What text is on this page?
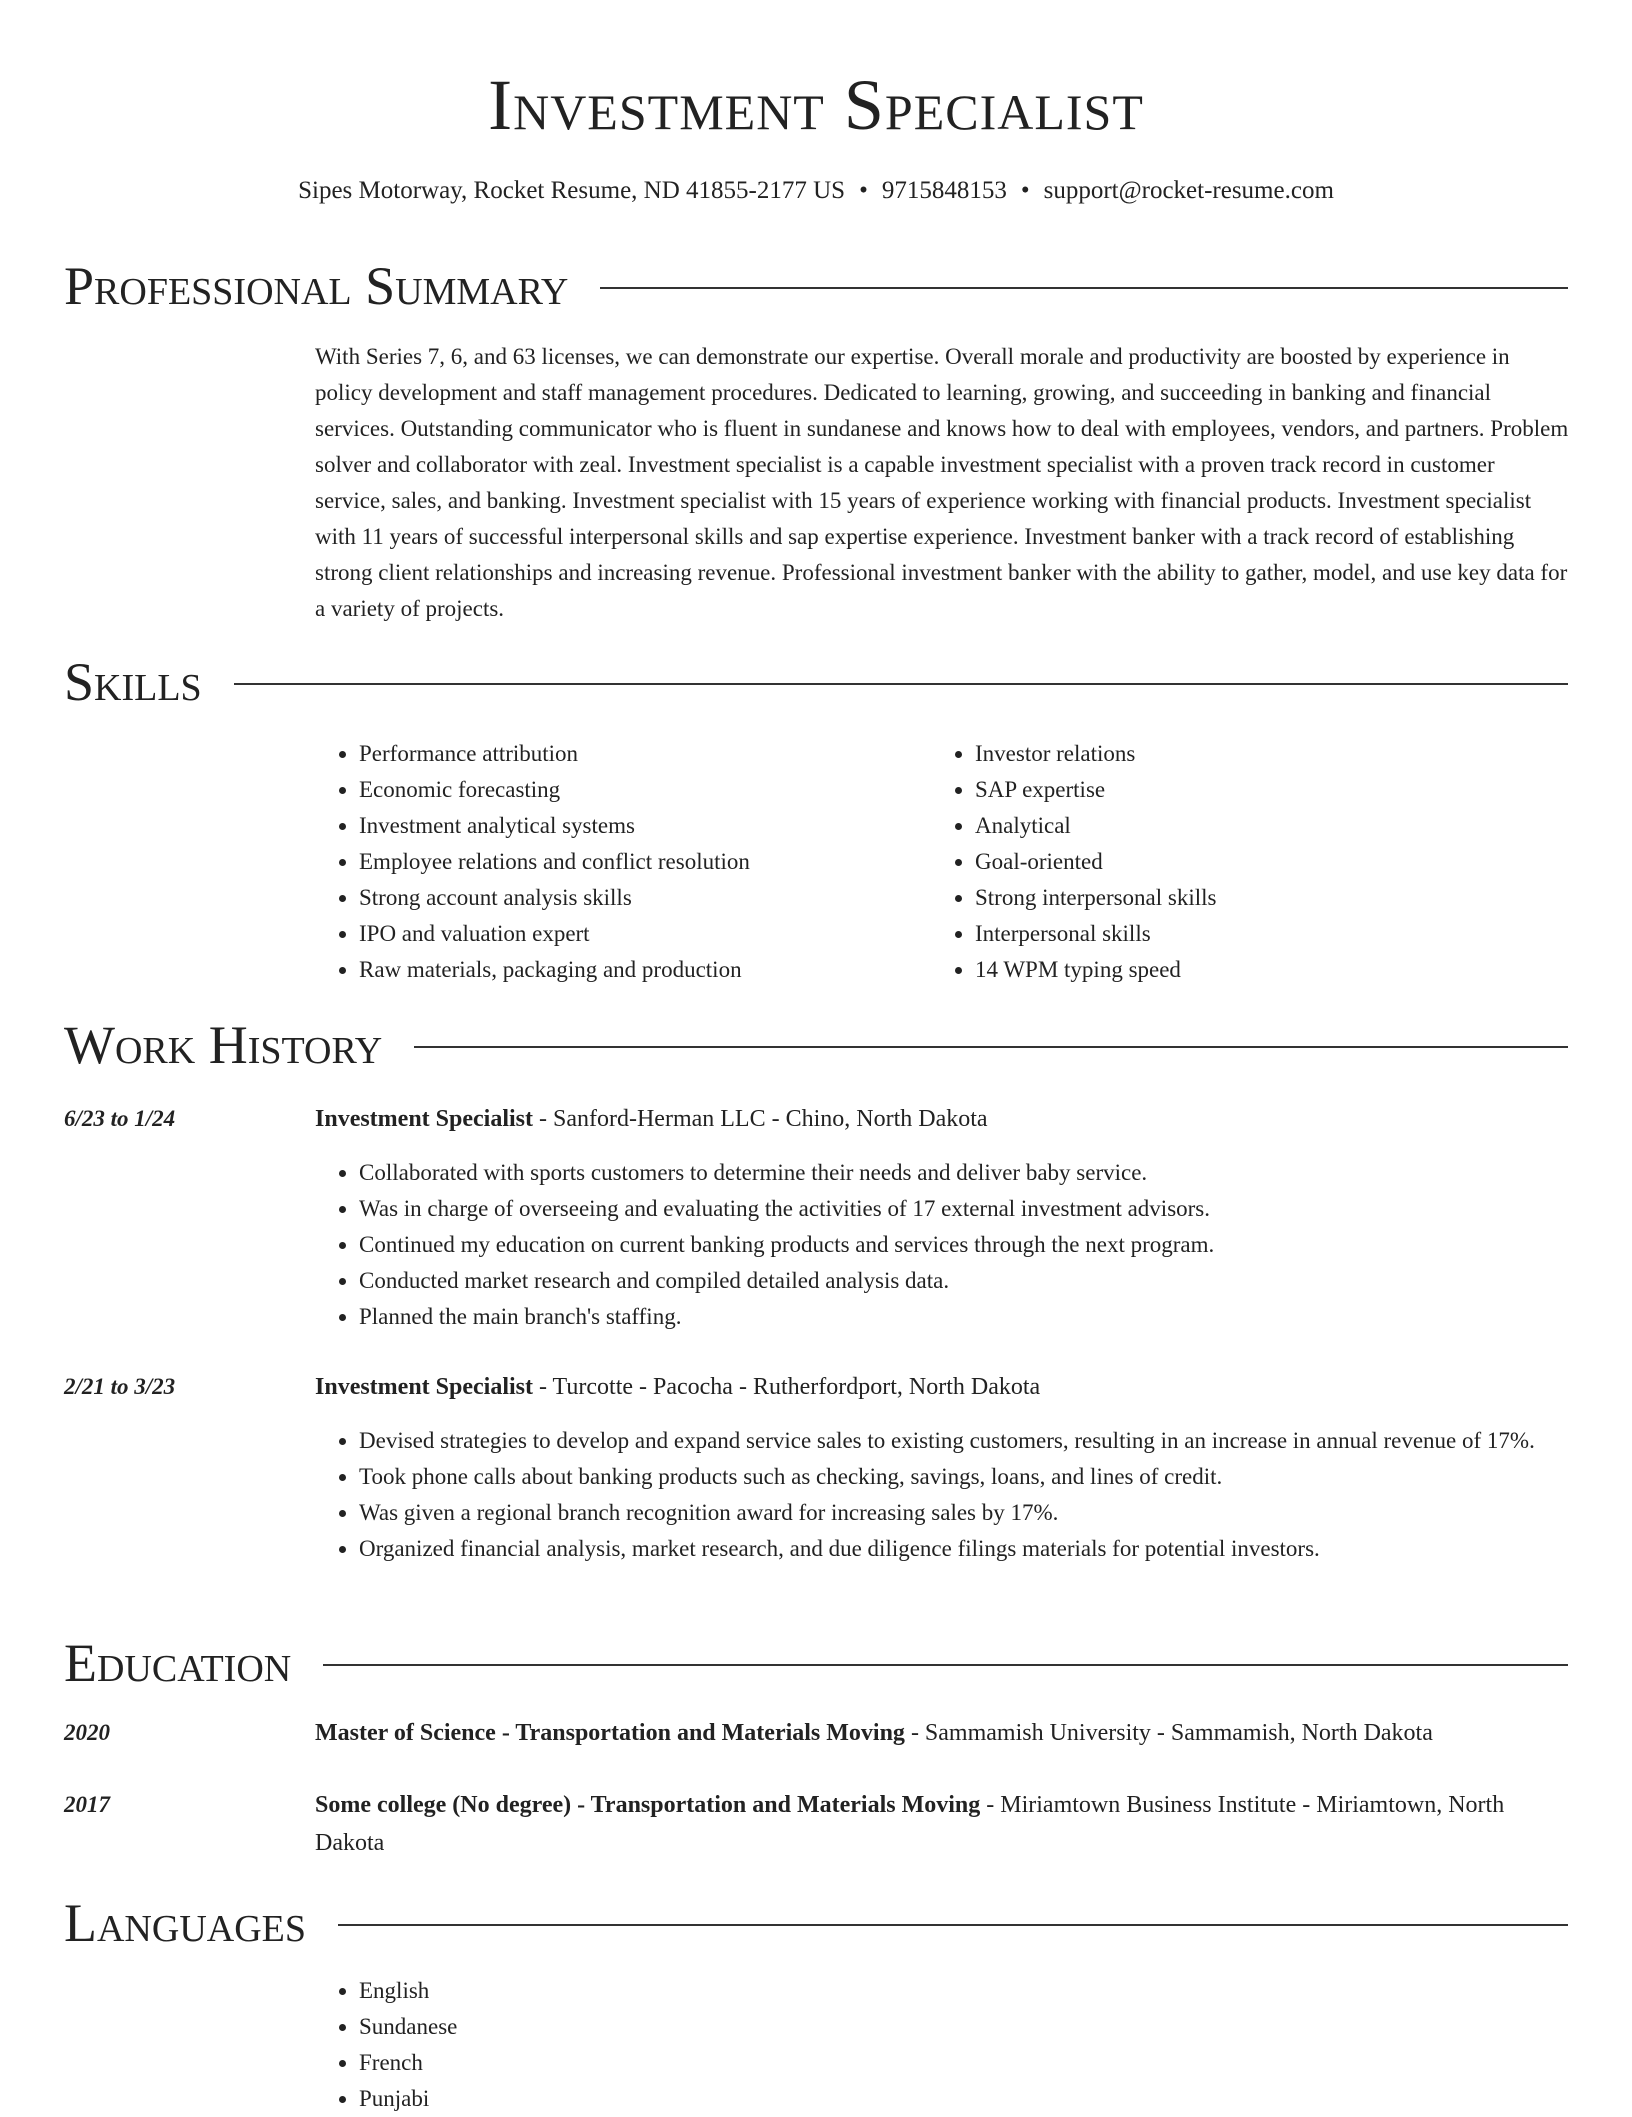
Investment Specialist
Sipes Motorway, Rocket Resume, ND 41855-2177 US • 9715848153 • support@rocket-resume.com
Professional Summary

With Series 7, 6, and 63 licenses, we can demonstrate our expertise. Overall morale and productivity are boosted by experience in policy development and staff management procedures. Dedicated to learning, growing, and succeeding in banking and financial services. Outstanding communicator who is fluent in sundanese and knows how to deal with employees, vendors, and partners. Problem solver and collaborator with zeal. Investment specialist is a capable investment specialist with a proven track record in customer service, sales, and banking. Investment specialist with 15 years of experience working with financial products. Investment specialist with 11 years of successful interpersonal skills and sap expertise experience. Investment banker with a track record of establishing strong client relationships and increasing revenue. Professional investment banker with the ability to gather, model, and use key data for a variety of projects.

Skills
• Performance attribution
• Economic forecasting
• Investment analytical systems
• Employee relations and conflict resolution
• Strong account analysis skills
• IPO and valuation expert
• Raw materials, packaging and production
• Investor relations
• SAP expertise
• Analytical
• Goal-oriented
• Strong interpersonal skills
• Interpersonal skills
• 14 WPM typing speed
Work History
6/23 to 1/24	Investment Specialist - Sanford-Herman LLC - Chino, North Dakota
• Collaborated with sports customers to determine their needs and deliver baby service.
• Was in charge of overseeing and evaluating the activities of 17 external investment advisors.
• Continued my education on current banking products and services through the next program.
• Conducted market research and compiled detailed analysis data.
• Planned the main branch's staffing.
2/21 to 3/23	Investment Specialist - Turcotte - Pacocha - Rutherfordport, North Dakota
• Devised strategies to develop and expand service sales to existing customers, resulting in an increase in annual revenue of 17%.
• Took phone calls about banking products such as checking, savings, loans, and lines of credit.
• Was given a regional branch recognition award for increasing sales by 17%.
• Organized financial analysis, market research, and due diligence filings materials for potential investors.
Education
2020	Master of Science - Transportation and Materials Moving - Sammamish University - Sammamish, North Dakota
2017	Some college (No degree) - Transportation and Materials Moving - Miriamtown Business Institute - Miriamtown, North Dakota
Languages
• English
• Sundanese
• French
• Punjabi
